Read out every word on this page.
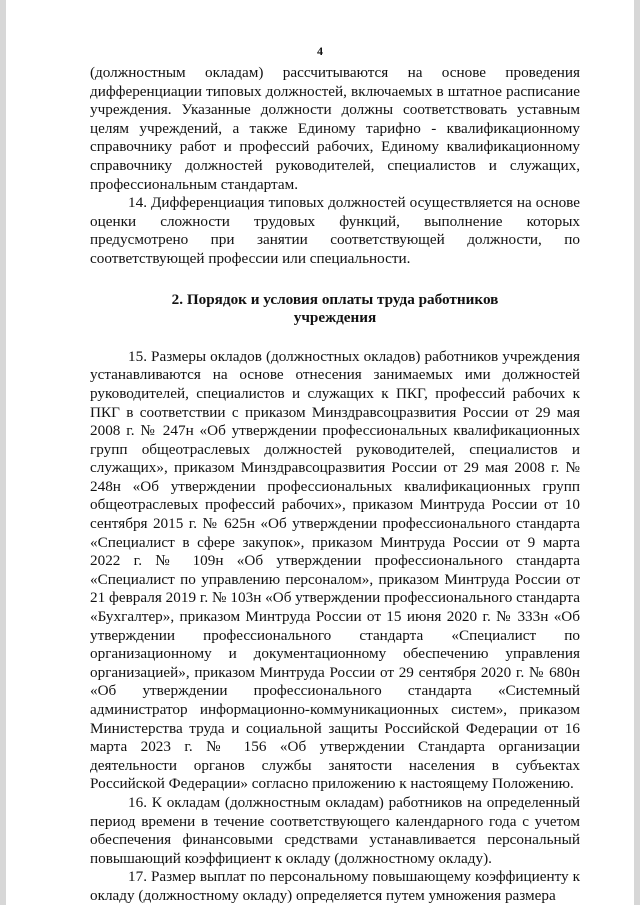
4

(должностным окладам) рассчитываются на основе проведения дифференциации типовых должностей, включаемых в штатное расписание учреждения. Указанные должности должны соответствовать уставным целям учреждений, а также Единому тарифно - квалификационному справочнику работ и профессий рабочих, Единому квалификационному справочнику должностей руководителей, специалистов и служащих, профессиональным стандартам.

14. Дифференциация типовых должностей осуществляется на основе оценки сложности трудовых функций, выполнение которых предусмотрено при занятии соответствующей должности, по соответствующей профессии или специальности.

2. Порядок и условия оплаты труда работников
учреждения

15. Размеры окладов (должностных окладов) работников учреждения устанавливаются на основе отнесения занимаемых ими должностей руководителей, специалистов и служащих к ПКГ, профессий рабочих к ПКГ в соответствии с приказом Минздравсоцразвития России от 29 мая 2008 г. № 247н «Об утверждении профессиональных квалификационных групп общеотраслевых должностей руководителей, специалистов и служащих», приказом Минздравсоцразвития России от 29 мая 2008 г. № 248н «Об утверждении профессиональных квалификационных групп общеотраслевых профессий рабочих», приказом Минтруда России от 10 сентября 2015 г. № 625н «Об утверждении профессионального стандарта «Специалист в сфере закупок», приказом Минтруда России от 9 марта 2022 г. № 109н «Об утверждении профессионального стандарта «Специалист по управлению персоналом», приказом Минтруда России от 21 февраля 2019 г. № 103н «Об утверждении профессионального стандарта «Бухгалтер», приказом Минтруда России от 15 июня 2020 г. № 333н «Об утверждении профессионального стандарта «Специалист по организационному и документационному обеспечению управления организацией», приказом Минтруда России от 29 сентября 2020 г. № 680н «Об утверждении профессионального стандарта «Системный администратор информационно-коммуникационных систем», приказом Министерства труда и социальной защиты Российской Федерации от 16 марта 2023 г. № 156 «Об утверждении Стандарта организации деятельности органов службы занятости населения в субъектах Российской Федерации» согласно приложению к настоящему Положению.

16. К окладам (должностным окладам) работников на определенный период времени в течение соответствующего календарного года с учетом обеспечения финансовыми средствами устанавливается персональный повышающий коэффициент к окладу (должностному окладу).

17. Размер выплат по персональному повышающему коэффициенту к окладу (должностному окладу) определяется путем умножения размера
